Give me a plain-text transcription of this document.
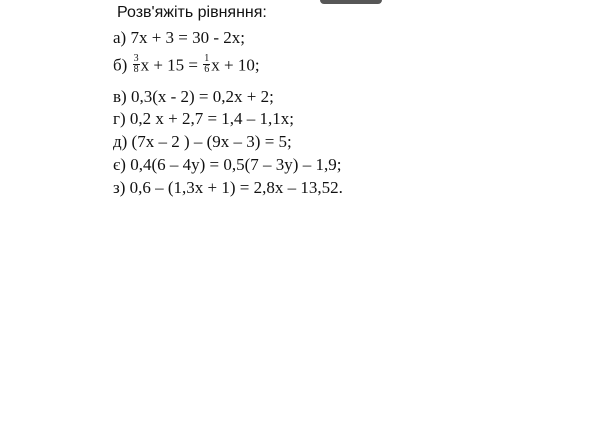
Розв'яжіть рівняння:
а) 7x + 3 = 30 - 2x;
$б) \frac{3}{8}$ $x + 15 = \frac{1}{6}$ x + 10;
в) 0,3(x - 2) = 0,2x + 2;
г) 0,2 x + 2,7 = 1,4 – 1,1x;
д) (7x – 2 ) – (9x – 3) = 5;
є) 0,4(6 – 4y) = 0,5(7 – 3y) – 1,9;
з) 0,6 – (1,3x + 1) = 2,8x – 13,52.
